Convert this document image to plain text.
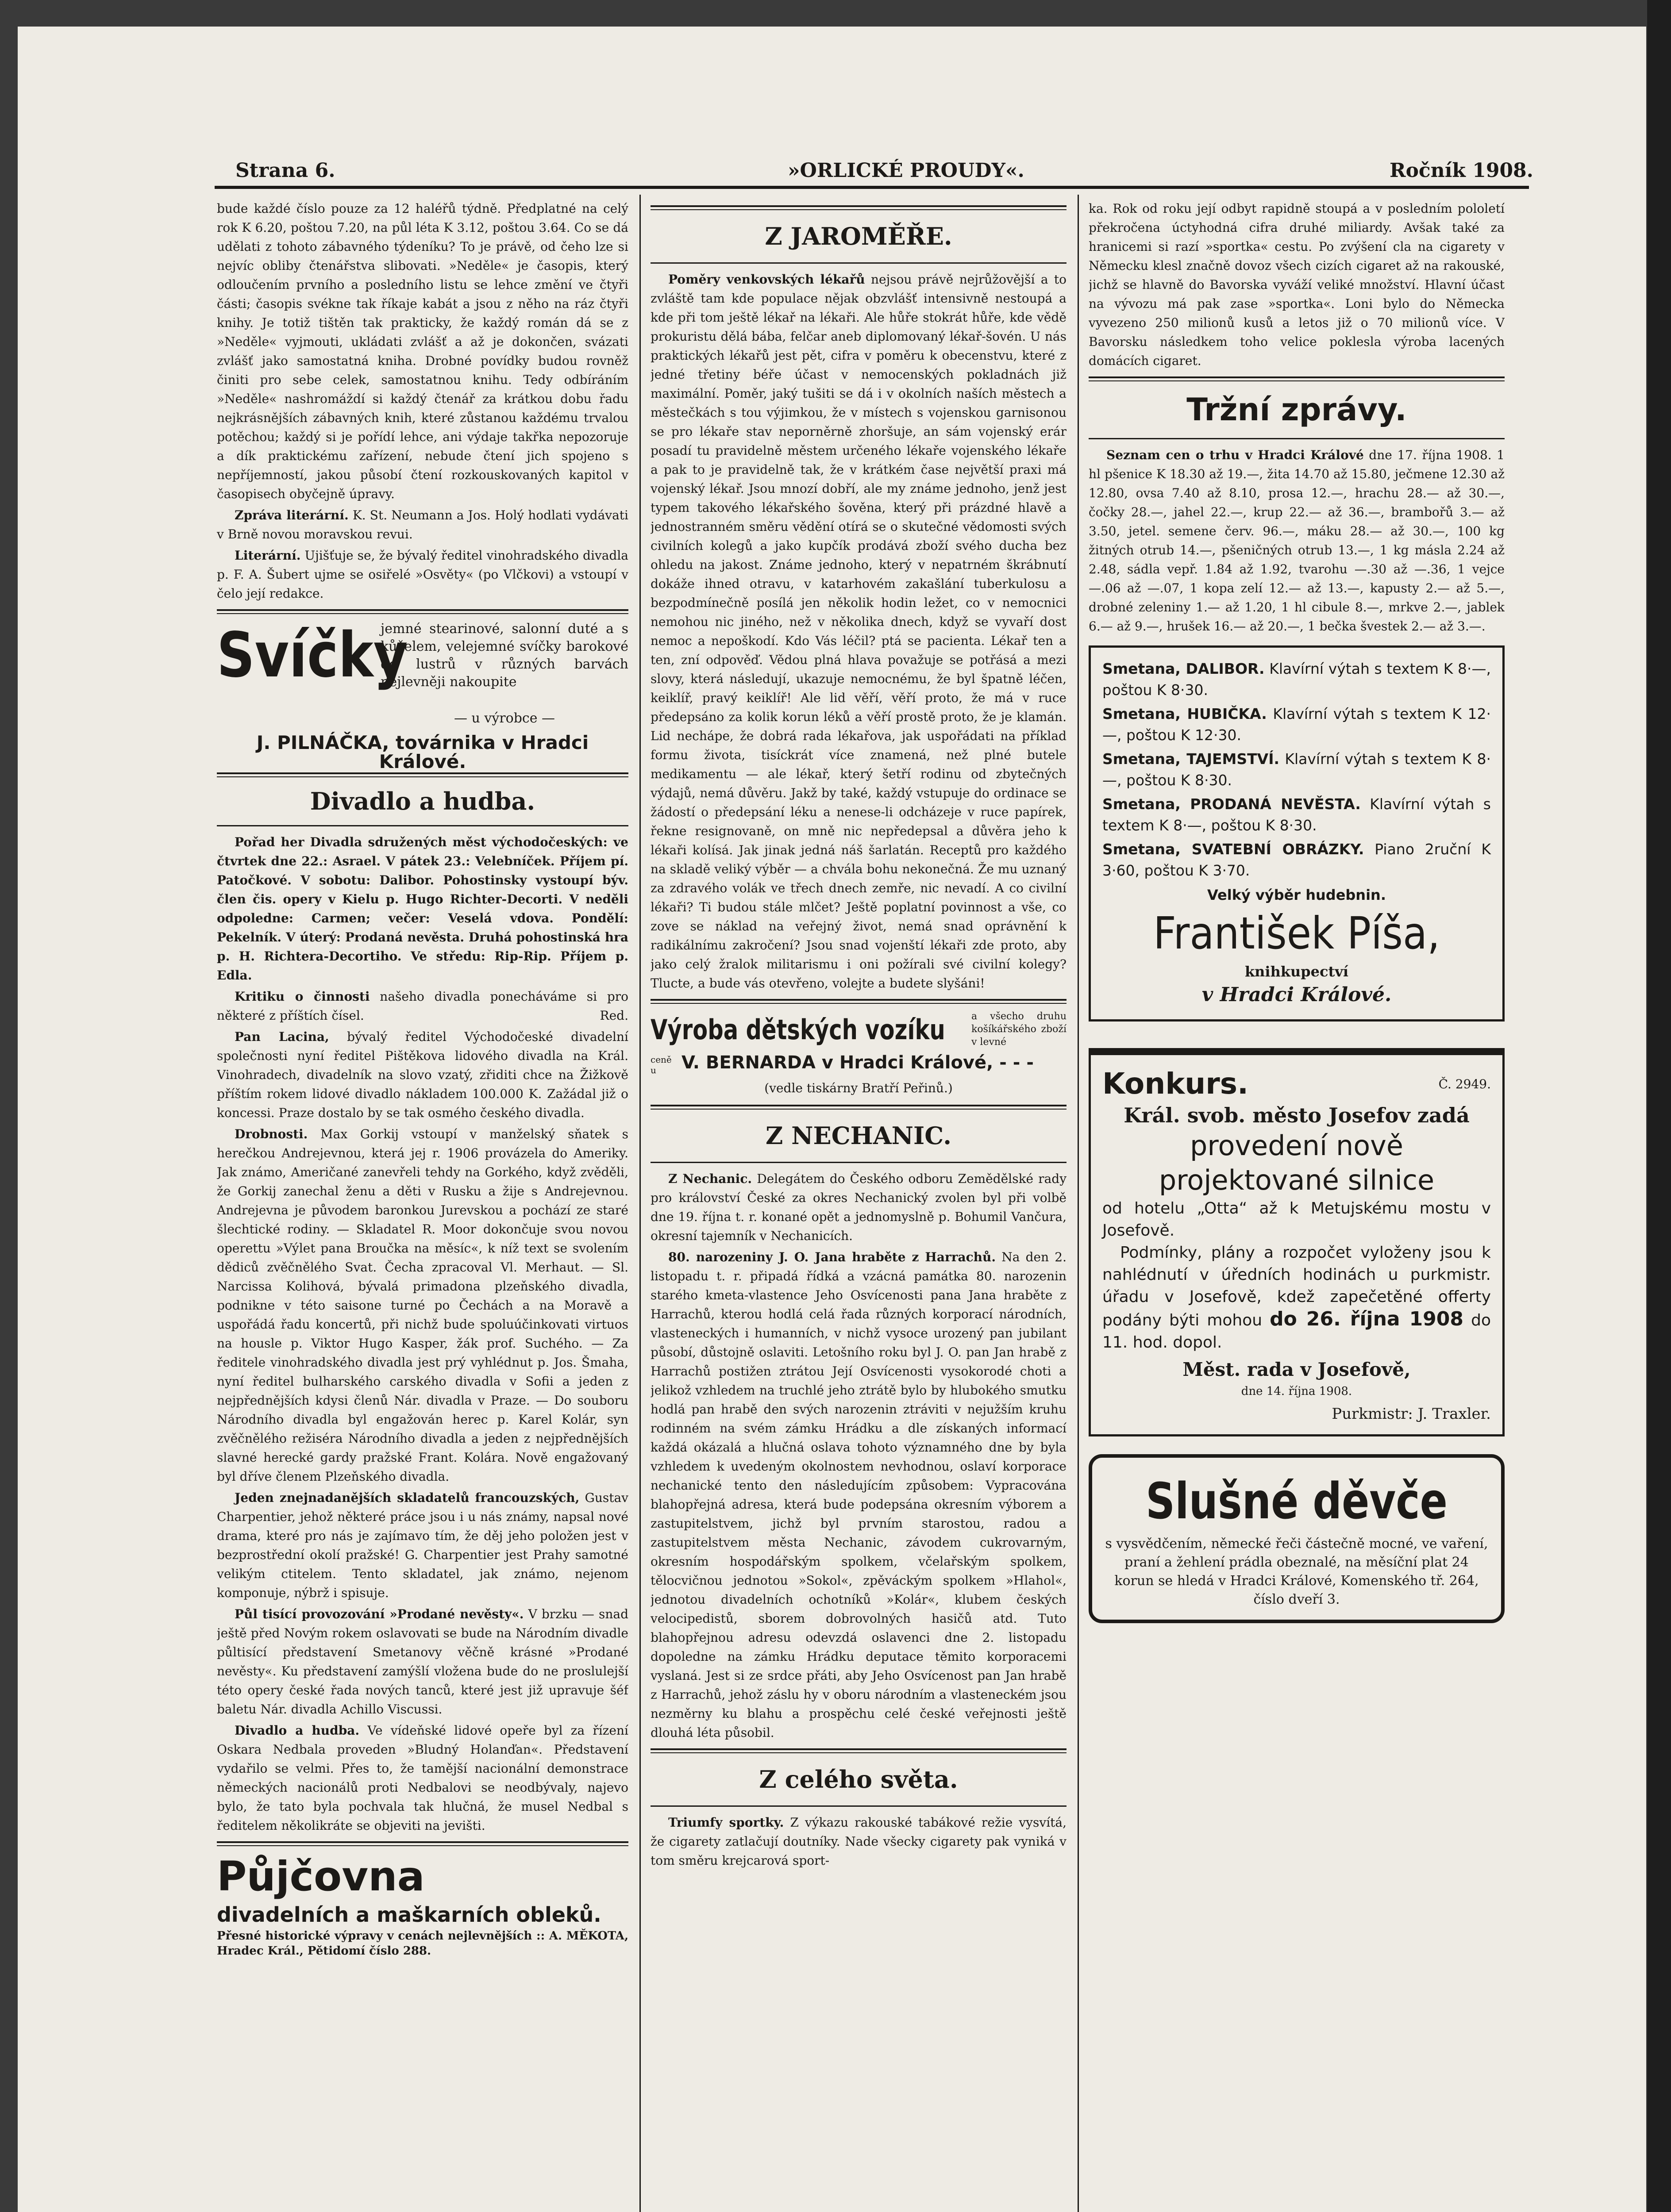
Strana 6.	»ORLICKÉ PROUDY«.	Ročník 1908.

bude každé číslo pouze za 12 haléřů týdně. Předplatné na celý rok K 6.20, poštou 7.20, na půl léta K 3.12, poštou 3.64. Co se dá udělati z tohoto zábavného týdeníku? To je právě, od čeho lze si nejvíc obliby čtenářstva slibovati. »Neděle« je časopis, který odloučením prvního a posledního listu se lehce změní ve čtyři části; časopis svékne tak říkaje kabát a jsou z něho na ráz čtyři knihy. Je totiž tištěn tak prakticky, že každý román dá se z »Neděle« vyjmouti, ukládati zvlášť a až je dokončen, svázati zvlášť jako samostatná kniha. Drobné povídky budou rovněž činiti pro sebe celek, samostatnou knihu. Tedy odbíráním »Neděle« nashromáždí si každý čtenář za krátkou dobu řadu nejkrásnějších zábavných knih, které zůstanou každému trvalou potěchou; každý si je pořídí lehce, ani výdaje takřka nepozoruje a dík praktickému zařízení, nebude čtení jich spojeno s nepříjemností, jakou působí čtení rozkouskovaných kapitol v časopisech obyčejně úpravy.

Zpráva literární. K. St. Neumann a Jos. Holý hodlati vydávati v Brně novou moravskou revui.

Literární. Ujišťuje se, že bývalý ředitel vinohradského divadla p. F. A. Šubert ujme se osiřelé »Osvěty« (po Vlčkovi) a vstoupí v čelo její redakce.

Svíčky
jemné stearinové, salonní duté a s kůželem, velejemné svíčky barokové do lustrů v různých barvách nejlevněji nakoupite
— u výrobce —
J. PILNÁČKA, továrnika v Hradci Králové.
Divadlo a hudba.

Pořad her Divadla sdružených měst východočeských: ve čtvrtek dne 22.: Asrael. V pátek 23.: Velebníček. Příjem pí. Patočkové. V sobotu: Dalibor. Pohostinsky vystoupí býv. člen čis. opery v Kielu p. Hugo Richter-Decorti. V neděli odpoledne: Carmen; večer: Veselá vdova. Pondělí: Pekelník. V úterý: Prodaná nevěsta. Druhá pohostinská hra p. H. Richtera-Decortiho. Ve středu: Rip-Rip. Příjem p. Edla.

Kritiku o činnosti našeho divadla ponecháváme si pro některé z příštích čísel.	Red.

Pan Lacina, bývalý ředitel Východočeské divadelní společnosti nyní ředitel Pištěkova lidového divadla na Král. Vinohradech, divadelník na slovo vzatý, zřiditi chce na Žižkově příštím rokem lidové divadlo nákladem 100.000 K. Zažádal již o koncessi. Praze dostalo by se tak osmého českého divadla.

Drobnosti. Max Gorkij vstoupí v manželský sňatek s herečkou Andrejevnou, která jej r. 1906 provázela do Ameriky. Jak známo, Američané zanevřeli tehdy na Gorkého, když zvěděli, že Gorkij zanechal ženu a děti v Rusku a žije s Andrejevnou. Andrejevna je původem baronkou Jurevskou a pochází ze staré šlechtické rodiny. — Skladatel R. Moor dokončuje svou novou operettu »Výlet pana Broučka na měsíc«, k níž text se svolením dědiců zvěčnělého Svat. Čecha zpracoval Vl. Merhaut. — Sl. Narcissa Kolihová, bývalá primadona plzeňského divadla, podnikne v této saisone turné po Čechách a na Moravě a uspořádá řadu koncertů, při nichž bude spoluúčinkovati virtuos na housle p. Viktor Hugo Kasper, žák prof. Suchého. — Za ředitele vinohradského divadla jest prý vyhlédnut p. Jos. Šmaha, nyní ředitel bulharského carského divadla v Sofii a jeden z nejpřednějších kdysi členů Nár. divadla v Praze. — Do souboru Národního divadla byl engažován herec p. Karel Kolár, syn zvěčnělého režiséra Národního divadla a jeden z nejpřednějších slavné herecké gardy pražské Frant. Kolára. Nově engažovaný byl dříve členem Plzeňského divadla.

Jeden znejnadanějších skladatelů francouzských, Gustav Charpentier, jehož některé práce jsou i u nás známy, napsal nové drama, které pro nás je zajímavo tím, že děj jeho položen jest v bezprostřední okolí pražské! G. Charpentier jest Prahy samotné velikým ctitelem. Tento skladatel, jak známo, nejenom komponuje, nýbrž i spisuje.

Půl tisící provozování »Prodané nevěsty«. V brzku — snad ještě před Novým rokem oslavovati se bude na Národním divadle půltisící představení Smetanovy věčně krásné »Prodané nevěsty«. Ku představení zamýšlí vložena bude do ne proslulejší této opery české řada nových tanců, které jest již upravuje šéf baletu Nár. divadla Achillo Viscussi.

Divadlo a hudba. Ve vídeňské lidové opeře byl za řízení Oskara Nedbala proveden »Bludný Holanďan«. Představení vydařilo se velmi. Přes to, že tamější nacionální demonstrace německých nacionálů proti Nedbalovi se neodbývaly, najevo bylo, že tato byla pochvala tak hlučná, že musel Nedbal s ředitelem několikráte se objeviti na jevišti.

Půjčovna
divadelních a maškarních obleků.
Přesné historické výpravy v cenách nejlevnějších :: A. MĚKOTA, Hradec Král., Pětidomí číslo 288.
Z JAROMĚŘE.

Poměry venkovských lékařů nejsou právě nejrůžovější a to zvláště tam kde populace nějak obzvlášť intensivně nestoupá a kde při tom ještě lékař na lékaři. Ale hůře stokrát hůře, kde vědě prokuristu dělá bába, felčar aneb diplomovaný lékař-šovén. U nás praktických lékařů jest pět, cifra v poměru k obecenstvu, které z jedné třetiny béře účast v nemocenských pokladnách již maximální. Poměr, jaký tušiti se dá i v okolních naších městech a městečkách s tou výjimkou, že v místech s vojenskou garnisonou se pro lékaře stav neporněrně zhoršuje, an sám vojenský erár posadí tu pravidelně městem určeného lékaře vojenského lékaře a pak to je pravidelně tak, že v krátkém čase největší praxi má vojenský lékař. Jsou mnozí dobří, ale my známe jednoho, jenž jest typem takového lékařského šověna, který při prázdné hlavě a jednostranném směru vědění otírá se o skutečné vědomosti svých civilních kolegů a jako kupčík prodává zboží svého ducha bez ohledu na jakost. Známe jednoho, který v nepatrném škrábnutí dokáže ihned otravu, v katarhovém zakašlání tuberkulosu a bezpodmínečně posílá jen několik hodin ležet, co v nemocnici nemohou nic jiného, než v několika dnech, když se vyvaří dost nemoc a nepoškodí. Kdo Vás léčil? ptá se pacienta. Lékař ten a ten, zní odpověď. Vědou plná hlava považuje se potřásá a mezi slovy, která následují, ukazuje nemocnému, že byl špatně léčen, keiklíř, pravý keiklíř! Ale lid věří, věří proto, že má v ruce předepsáno za kolik korun léků a věří prostě proto, že je klamán. Lid nechápe, že dobrá rada lékařova, jak uspořádati na příklad formu života, tisíckrát více znamená, než plné butele medikamentu — ale lékař, který šetří rodinu od zbytečných výdajů, nemá důvěru. Jakž by také, každý vstupuje do ordinace se žádostí o předepsání léku a nenese-li odcházeje v ruce papírek, řekne resignovaně, on mně nic nepředepsal a důvěra jeho k lékaři kolísá. Jak jinak jedná náš šarlatán. Receptů pro každého na skladě veliký výběr — a chvála bohu nekonečná. Že mu uznaný za zdravého volák ve třech dnech zemře, nic nevadí. A co civilní lékaři? Ti budou stále mlčet? Ještě poplatní povinnost a vše, co zove se náklad na veřejný život, nemá snad oprávnění k radikálnímu zakročení? Jsou snad vojenští lékaři zde proto, aby jako celý žralok militarismu i oni požírali své civilní kolegy? Tlucte, a bude vás otevřeno, volejte a budete slyšáni!

Výroba dětských vozíku	a všecho druhu košíkářského zboží v levné
ceně u	V. BERNARDA v Hradci Králové, - - -
(vedle tiskárny Bratří Peřinů.)
Z NECHANIC.

Z Nechanic. Delegátem do Českého odboru Zemědělské rady pro království České za okres Nechanický zvolen byl při volbě dne 19. října t. r. konané opět a jednomyslně p. Bohumil Vančura, okresní tajemník v Nechanicích.

80. narozeniny J. O. Jana hraběte z Harrachů. Na den 2. listopadu t. r. připadá řídká a vzácná památka 80. narozenin starého kmeta-vlastence Jeho Osvícenosti pana Jana hraběte z Harrachů, kterou hodlá celá řada různých korporací národních, vlasteneckých i humanních, v nichž vysoce urozený pan jubilant působí, důstojně oslaviti. Letošního roku byl J. O. pan Jan hrabě z Harrachů postižen ztrátou Její Osvícenosti vysokorodé choti a jelikož vzhledem na truchlé jeho ztrátě bylo by hlubokého smutku hodlá pan hrabě den svých narozenin ztráviti v nejužším kruhu rodinném na svém zámku Hrádku a dle získaných informací každá okázalá a hlučná oslava tohoto významného dne by byla vzhledem k uvedeným okolnostem nevhodnou, oslaví korporace nechanické tento den následujícím způsobem: Vypracována blahopřejná adresa, která bude podepsána okresním výborem a zastupitelstvem, jichž byl prvním starostou, radou a zastupitelstvem města Nechanic, závodem cukrovarným, okresním hospodářským spolkem, včelařským spolkem, tělocvičnou jednotou »Sokol«, zpěváckým spolkem »Hlahol«, jednotou divadelních ochotníků »Kolár«, klubem českých velocipedistů, sborem dobrovolných hasičů atd. Tuto blahopřejnou adresu odevzdá oslavenci dne 2. listopadu dopoledne na zámku Hrádku deputace těmito korporacemi vyslaná. Jest si ze srdce přáti, aby Jeho Osvícenost pan Jan hrabě z Harrachů, jehož záslu hy v oboru národním a vlasteneckém jsou nezměrny ku blahu a prospěchu celé české veřejnosti ještě dlouhá léta působil.

Z celého světa.

Triumfy sportky. Z výkazu rakouské tabákové režie vysvítá, že cigarety zatlačují doutníky. Nade všecky cigarety pak vyniká v tom směru krejcarová sport-

ka. Rok od roku její odbyt rapidně stoupá a v posledním pololetí překročena úctyhodná cifra druhé miliardy. Avšak také za hranicemi si razí »sportka« cestu. Po zvýšení cla na cigarety v Německu klesl značně dovoz všech cizích cigaret až na rakouské, jichž se hlavně do Bavorska vyváží veliké množství. Hlavní účast na vývozu má pak zase »sportka«. Loni bylo do Německa vyvezeno 250 milionů kusů a letos již o 70 milionů více. V Bavorsku následkem toho velice poklesla výroba lacených domácích cigaret.

Tržní zprávy.

Seznam cen o trhu v Hradci Králové dne 17. října 1908. 1 hl pšenice K 18.30 až 19.—, žita 14.70 až 15.80, ječmene 12.30 až 12.80, ovsa 7.40 až 8.10, prosa 12.—, hrachu 28.— až 30.—, čočky 28.—, jahel 22.—, krup 22.— až 36.—, brambořů 3.— až 3.50, jetel. semene červ. 96.—, máku 28.— až 30.—, 100 kg žitných otrub 14.—, pšeničných otrub 13.—, 1 kg másla 2.24 až 2.48, sádla vepř. 1.84 až 1.92, tvarohu —.30 až —.36, 1 vejce —.06 až —.07, 1 kopa zelí 12.— až 13.—, kapusty 2.— až 5.—, drobné zeleniny 1.— až 1.20, 1 hl cibule 8.—, mrkve 2.—, jablek 6.— až 9.—, hrušek 16.— až 20.—, 1 bečka švestek 2.— až 3.—.

Smetana, DALIBOR. Klavírní výtah s textem K 8·—, poštou K 8·30.
Smetana, HUBIČKA. Klavírní výtah s textem K 12·—, poštou K 12·30.
Smetana, TAJEMSTVÍ. Klavírní výtah s textem K 8·—, poštou K 8·30.
Smetana, PRODANÁ NEVĚSTA. Klavírní výtah s textem K 8·—, poštou K 8·30.
Smetana, SVATEBNÍ OBRÁZKY. Piano 2ruční K 3·60, poštou K 3·70.
Velký výběr hudebnin.
František Píša,
knihkupectví
v Hradci Králové.
Konkurs.	Č. 2949.
Král. svob. město Josefov zadá
provedení nově projektované silnice
od hotelu „Otta“ až k Metujskému mostu v Josefově.
Podmínky, plány a rozpočet vyloženy jsou k nahlédnutí v úředních hodinách u purkmistr. úřadu v Josefově, kdež zapečetěné offerty podány býti mohou do 26. října 1908 do 11. hod. dopol.
Měst. rada v Josefově,
dne 14. října 1908.
Purkmistr: J. Traxler.
Slušné děvče
s vysvědčením, německé řeči částečně mocné, ve vaření, praní a žehlení prádla obeznalé, na měsíční plat 24 korun se hledá v Hradci Králové, Komenského tř. 264, číslo dveří 3.
